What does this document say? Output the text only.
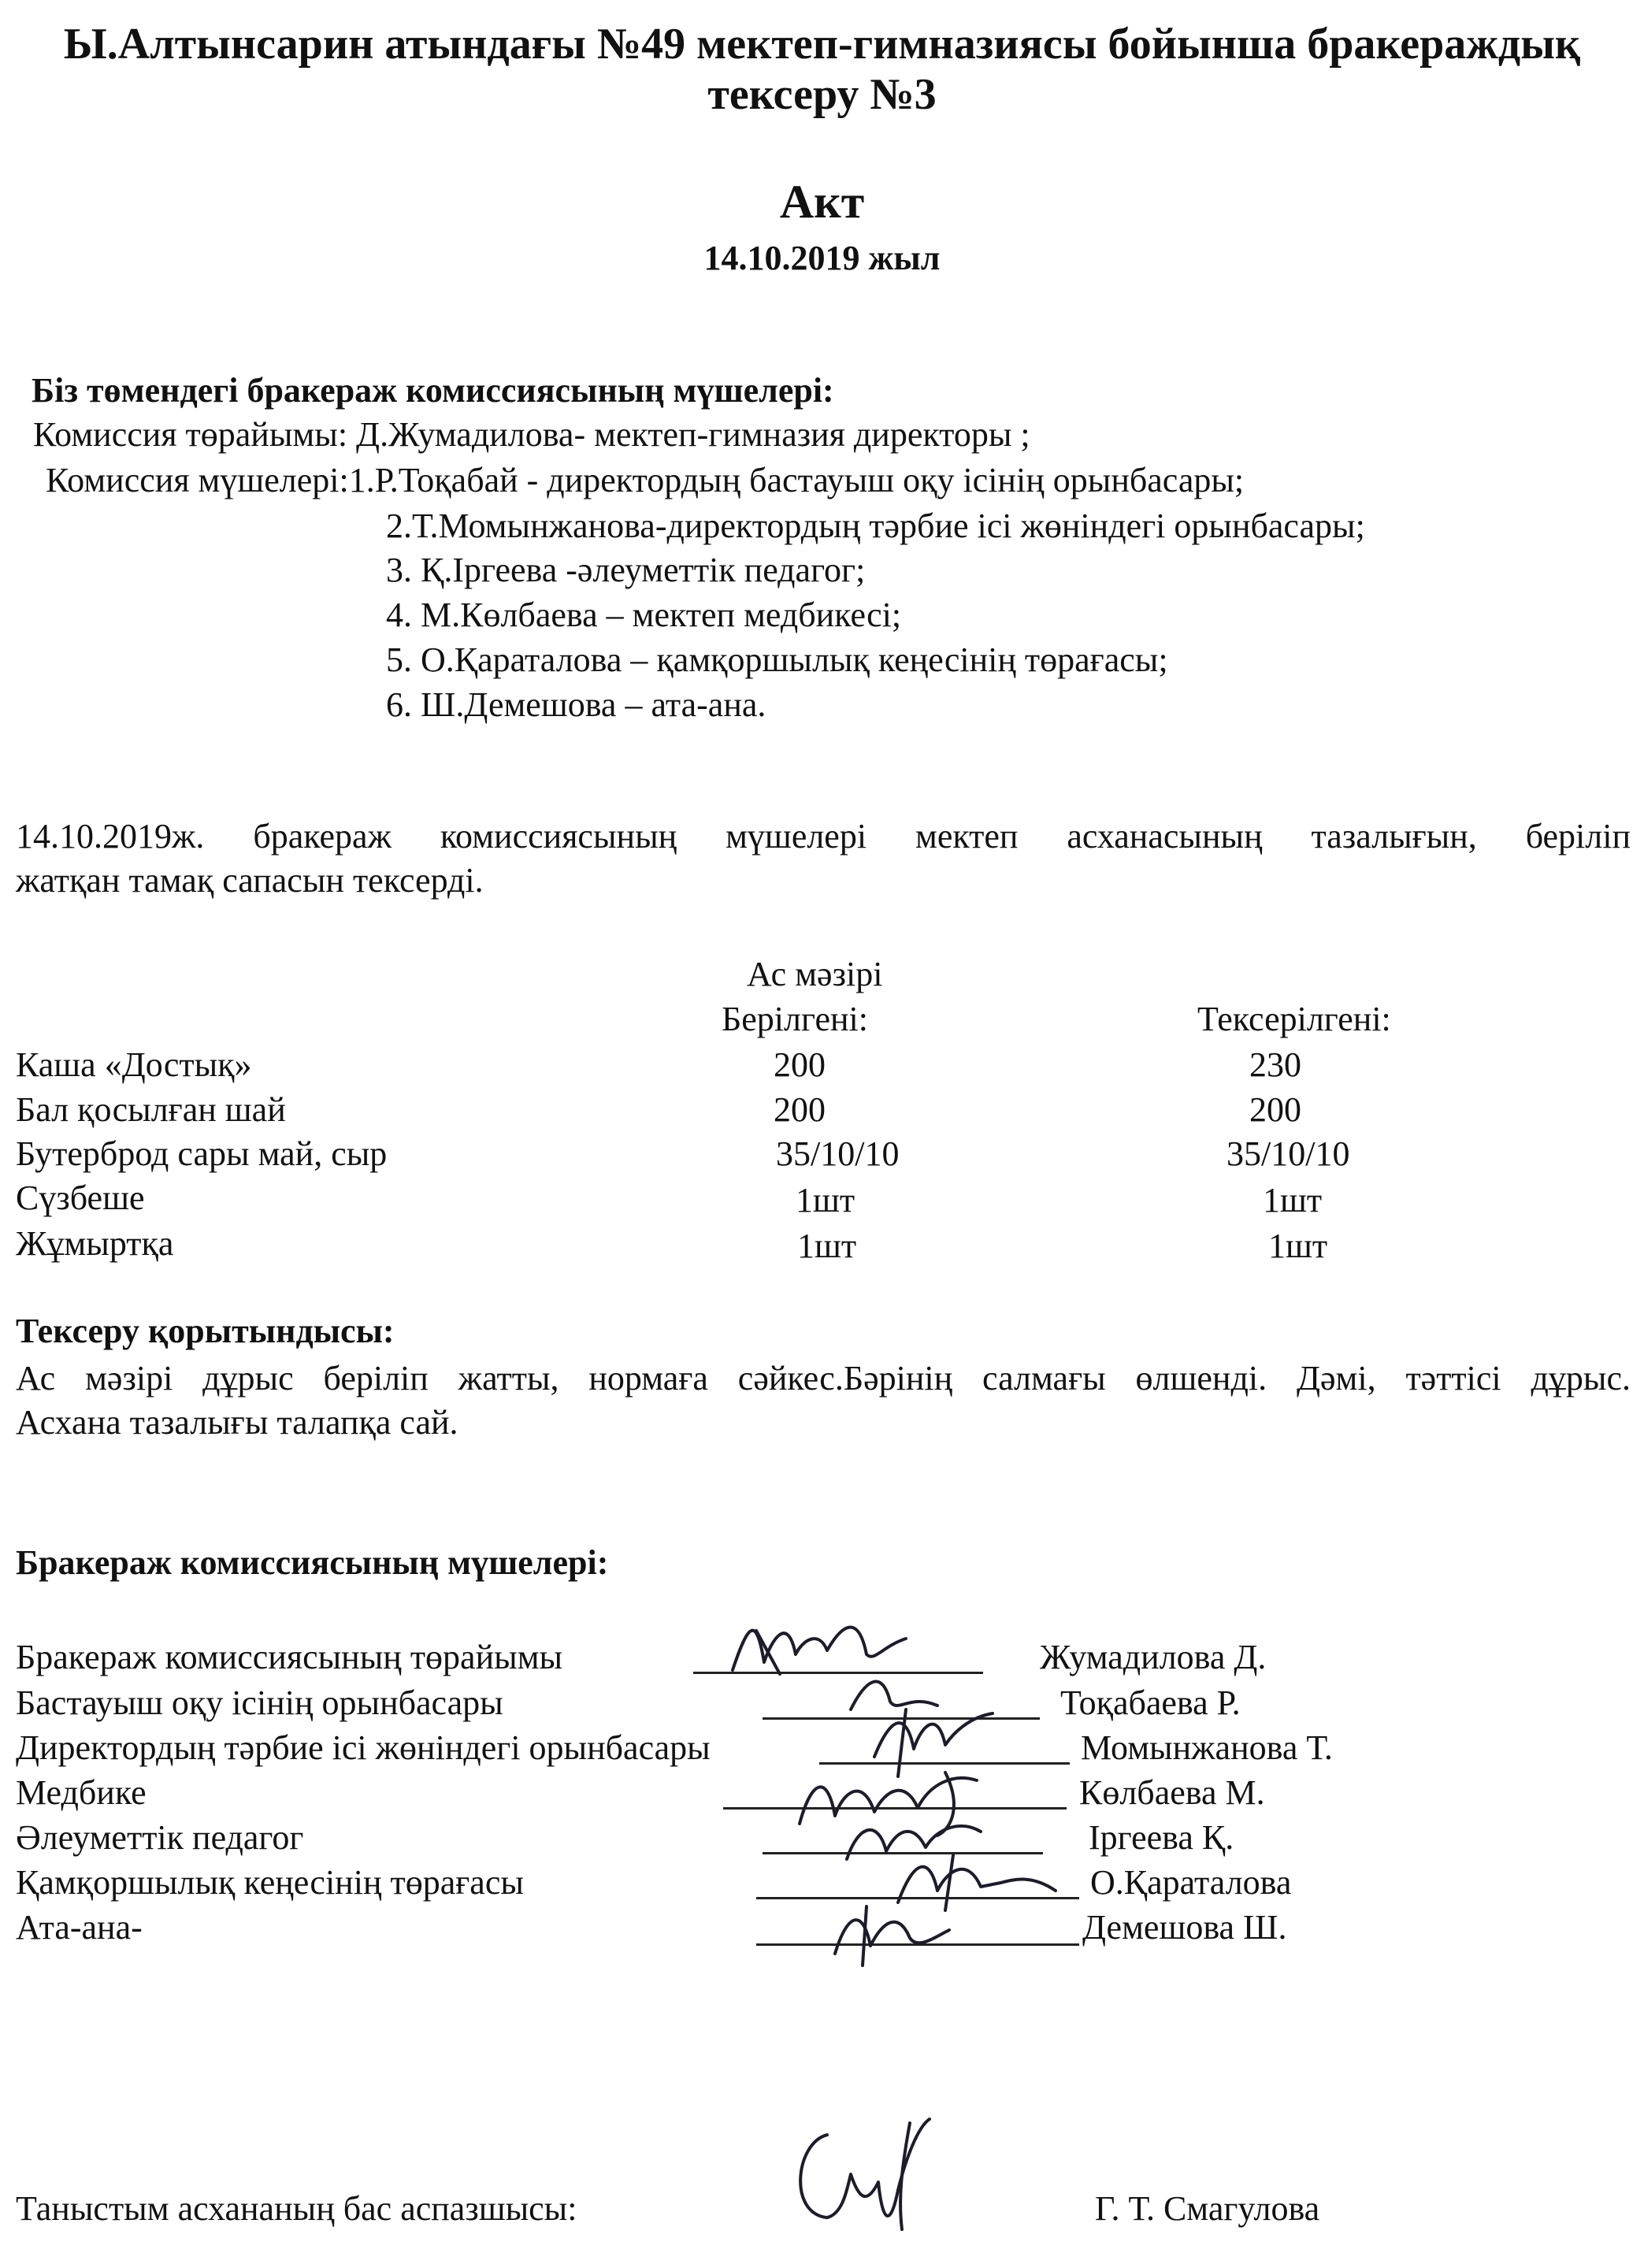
Ы.Алтынсарин атындағы №49 мектеп-гимназиясы бойынша бракераждық
тексеру №3
Акт
14.10.2019 жыл
Біз төмендегі бракераж комиссиясының мүшелері:
Комиссия төрайымы: Д.Жумадилова- мектеп-гимназия директоры ;
Комиссия мүшелері:1.Р.Тоқабай - директордың бастауыш оқу ісінің орынбасары;
2.Т.Момынжанова-директордың тәрбие ісі жөніндегі орынбасары;
3. Қ.Іргеева -әлеуметтік педагог;
4. М.Көлбаева – мектеп медбикесі;
5. О.Қараталова – қамқоршылық кеңесінің төрағасы;
6. Ш.Демешова – ата-ана.
14.10.2019ж. бракераж комиссиясының мүшелері мектеп асханасының тазалығын, беріліп
жатқан тамақ сапасын тексерді.
Ас мәзірі
Берілгені:	Тексерілгені:
Каша «Достық»	200	230
Бал қосылған шай	200	200
Бутерброд сары май, сыр	35/10/10	35/10/10
Сүзбеше	1шт	1шт
Жұмыртқа	1шт	1шт
Тексеру қорытындысы:
Ас мәзірі дұрыс беріліп жатты, нормаға сәйкес.Бәрінің салмағы өлшенді. Дәмі, тәттісі дұрыс.
Асхана тазалығы талапқа сай.
Бракераж комиссиясының мүшелері:
Бракераж комиссиясының төрайымы	Жумадилова Д.
Бастауыш оқу ісінің орынбасары	Тоқабаева Р.
Директордың тәрбие ісі жөніндегі орынбасары	Момынжанова Т.
Медбике	Көлбаева М.
Әлеуметтік педагог	Іргеева Қ.
Қамқоршылық кеңесінің төрағасы	О.Қараталова
Ата-ана-	Демешова Ш.
Таныстым асхананың бас аспазшысы:	Г. Т. Смагулова
